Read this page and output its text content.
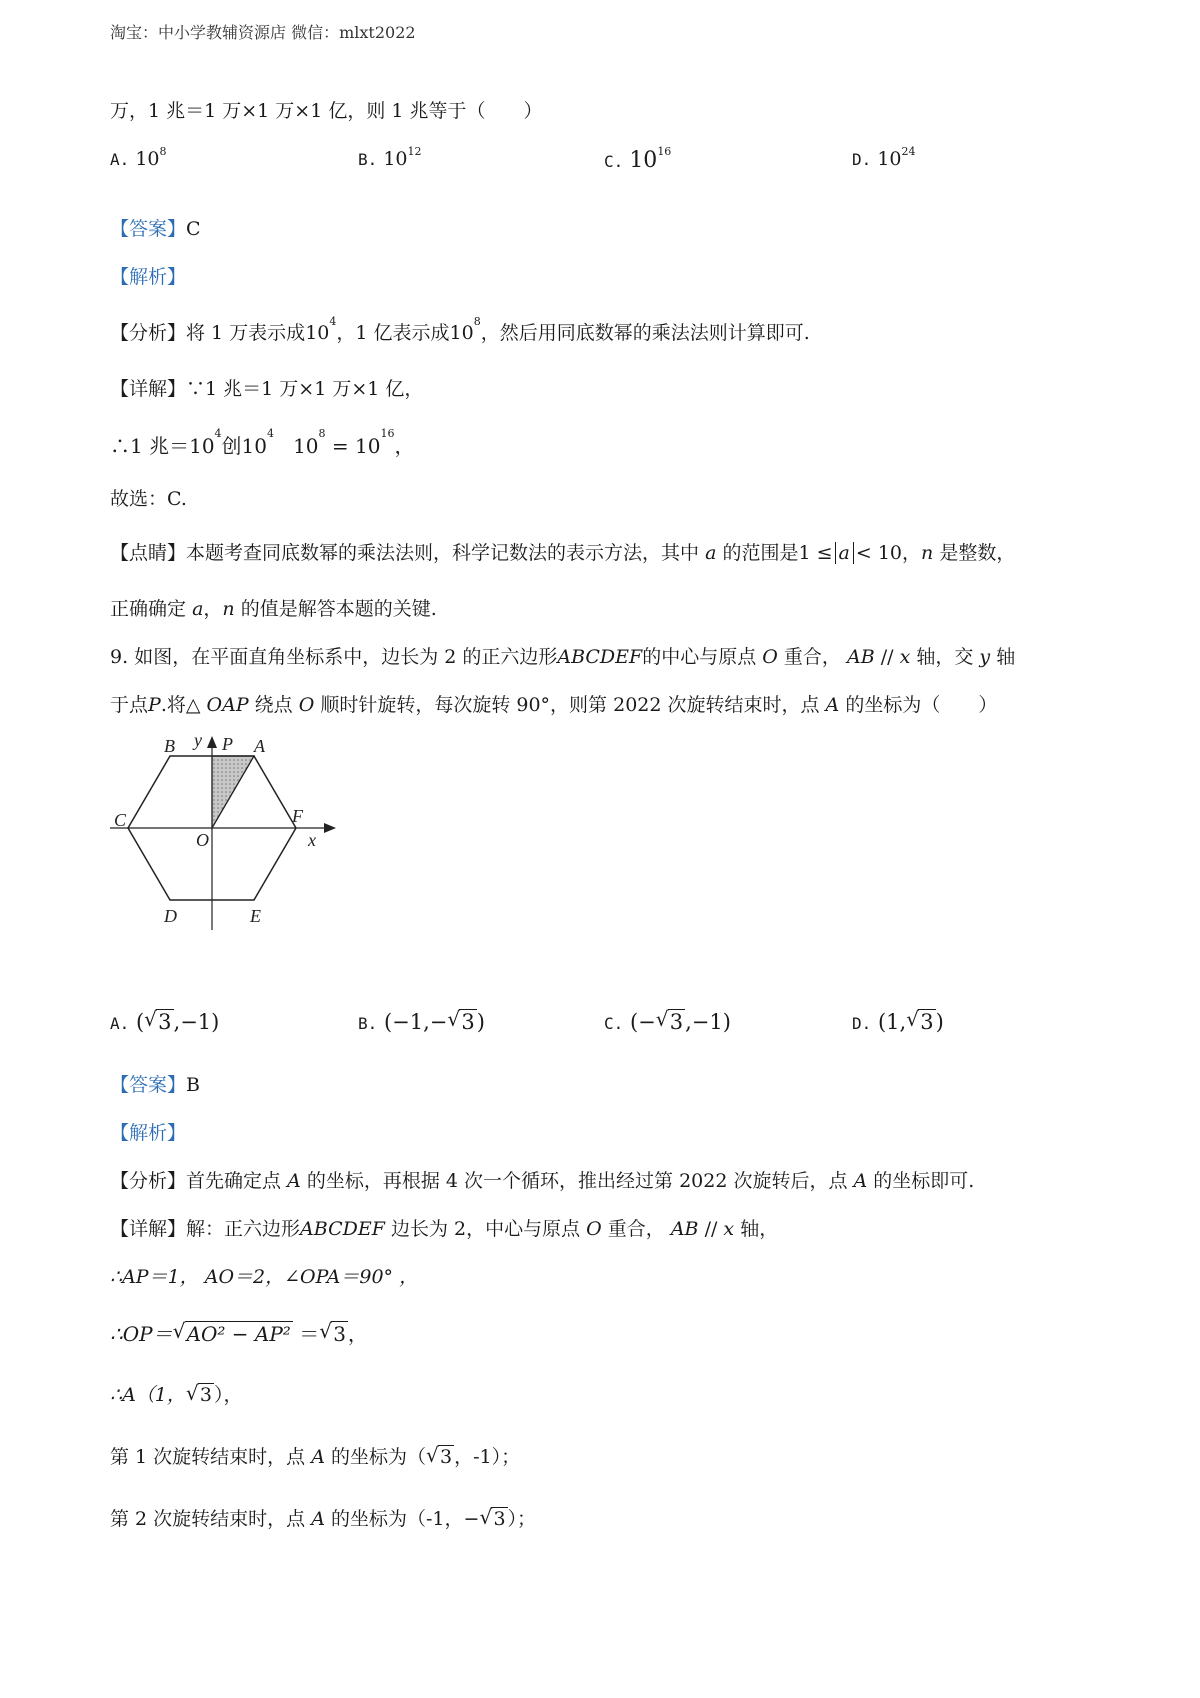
淘宝：中小学教辅资源店 微信：mlxt2022
万，1 兆＝1 万×1 万×1 亿，则 1 兆等于（　　）
A. $10^8$	B. $10^{12}$
C. $10^{16}$	D. $10^{24}$
【答案】C
【解析】
【分析】将 1 万表示成$10^4$，1 亿表示成$10^8$，然后用同底数幂的乘法法则计算即可.
【详解】∵1 兆＝1 万×1 万×1 亿，
∴1 兆$=10^4$创$10^4$   $10^8 = 10^{16}$，
故选：C.
【点睛】本题考查同底数幂的乘法法则，科学记数法的表示方法，其中 a 的范围是1 ≤ a < 10，n 是整数，
正确确定 a，n 的值是解答本题的关键.
9. 如图，在平面直角坐标系中，边长为 2 的正六边形ABCDEF的中心与原点 O 重合， AB // x 轴，交 y 轴
于点P.将△ OAP 绕点 O 顺时针旋转，每次旋转 90°，则第 2022 次旋转结束时，点 A 的坐标为（　　）
B	P A
y
C	F
O	x
D	E
A. ( √ 3,−1)	B. (−1,− √ 3)	C. (− √ 3,−1)	D. (1, √ 3)
【答案】B
【解析】
【分析】首先确定点 A 的坐标，再根据 4 次一个循环，推出经过第 2022 次旋转后，点 A 的坐标即可.
【详解】解：正六边形ABCDEF 边长为 2，中心与原点 O 重合， AB // x 轴，
∴AP＝1， AO＝2，∠OPA＝90° ，
∴OP＝ √ AO² − AP² ＝ √ 3 ，
∴A（1， √ 3 ），
第 1 次旋转结束时，点 A 的坐标为（ √ 3 ，-1）；
第 2 次旋转结束时，点 A 的坐标为（-1，− √ 3 ）；
